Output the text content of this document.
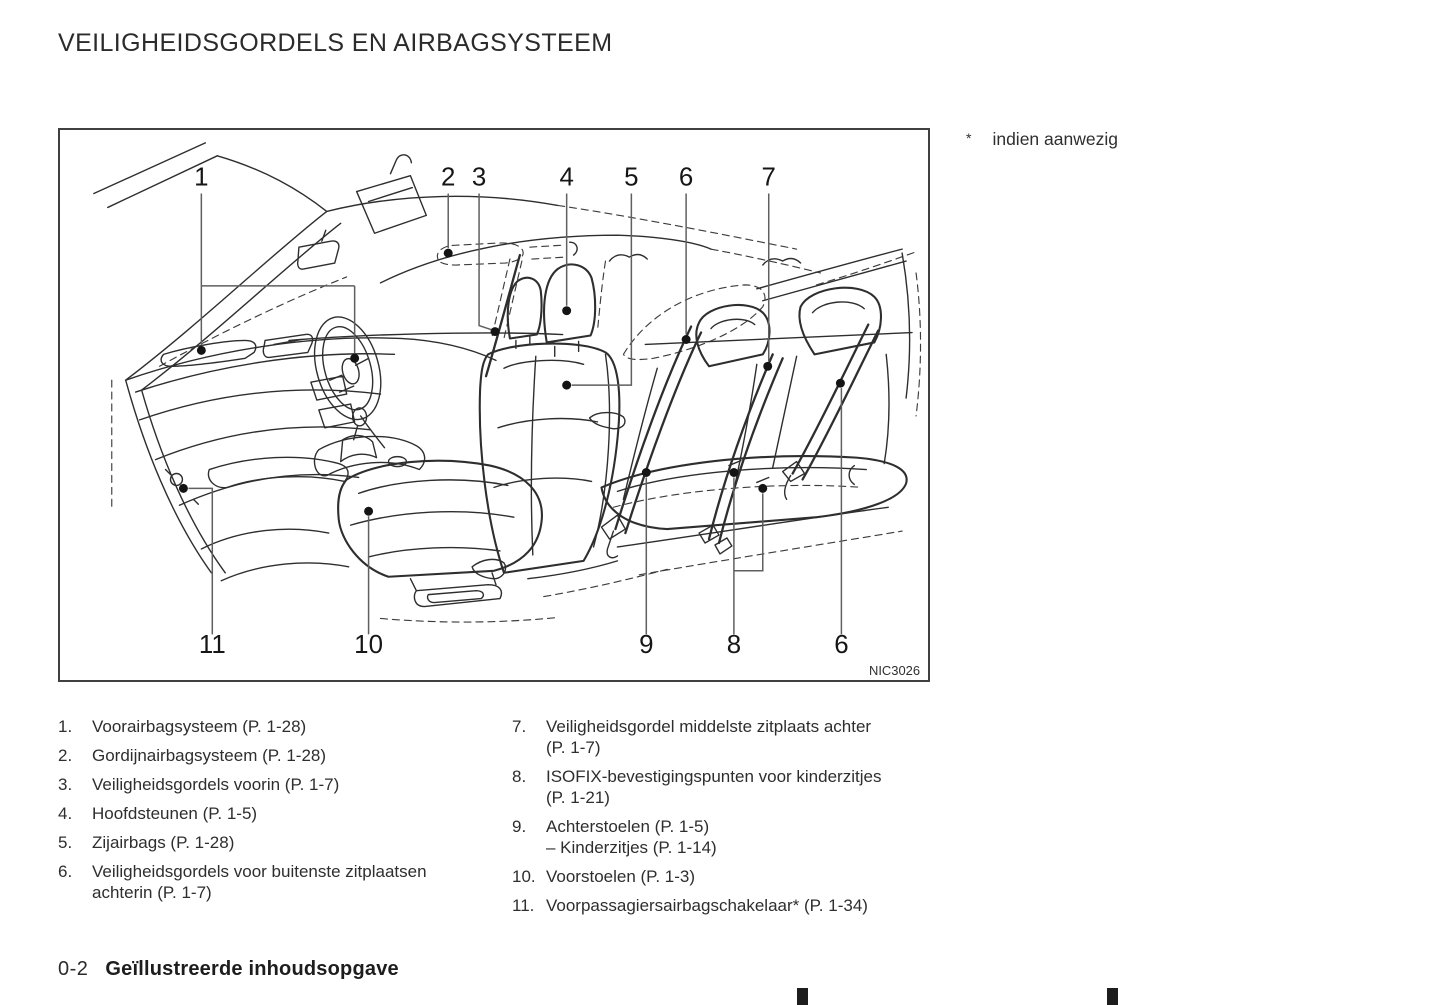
VEILIGHEIDSGORDELS EN AIRBAGSYSTEEM
* indien aanwezig
1	2 3	4 5 6	7
11	10	9	8	6
NIC3026
1.	Voorairbagsysteem (P. 1-28)
2.	Gordijnairbagsysteem (P. 1-28)
3.	Veiligheidsgordels voorin (P. 1-7)
4.	Hoofdsteunen (P. 1-5)
5.	Zijairbags (P. 1-28)
6.	Veiligheidsgordels voor buitenste zitplaatsen
achterin (P. 1-7)
7.	Veiligheidsgordel middelste zitplaats achter
(P. 1-7)
8.	ISOFIX-bevestigingspunten voor kinderzitjes
(P. 1-21)
9.	Achterstoelen (P. 1-5)
– Kinderzitjes (P. 1-14)
10. Voorstoelen (P. 1-3)
11. Voorpassagiersairbagschakelaar* (P. 1-34)
0-2 Geïllustreerde inhoudsopgave
